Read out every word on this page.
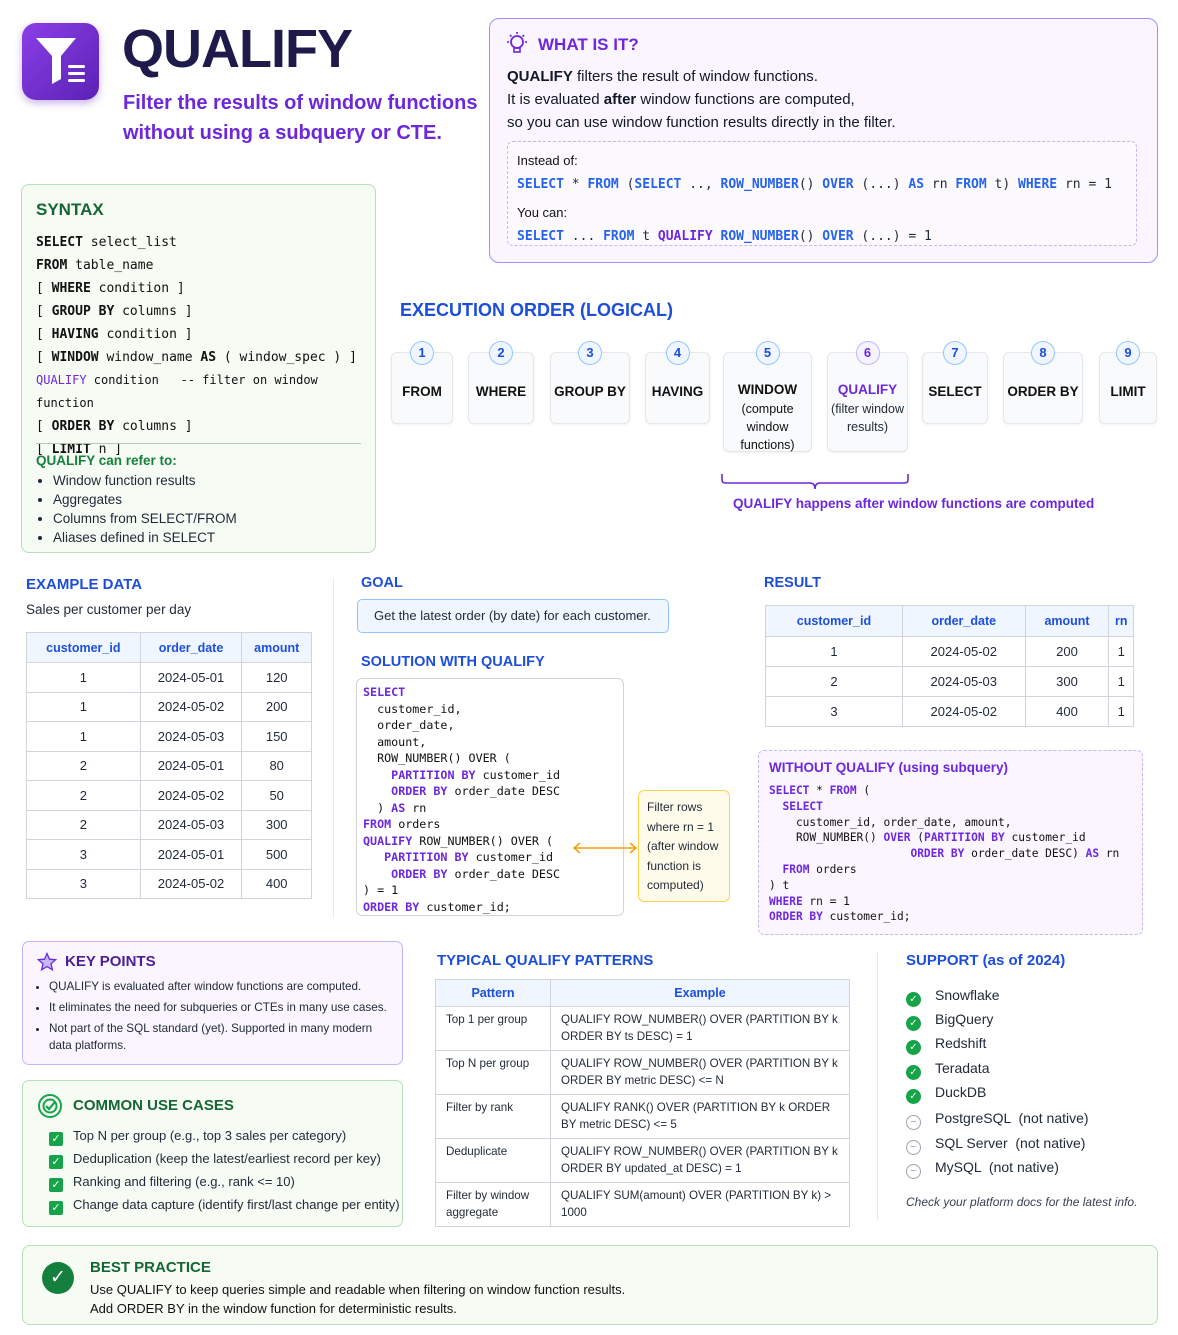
QUALIFY
Filter the results of window functions without using a subquery or CTE.
WHAT IS IT?
QUALIFY filters the result of window functions.
It is evaluated after window functions are computed,
so you can use window function results directly in the filter.
Instead of:
SELECT * FROM (SELECT .., ROW_NUMBER() OVER (...) AS rn FROM t) WHERE rn = 1
You can:
SELECT ... FROM t QUALIFY ROW_NUMBER() OVER (...) = 1
SYNTAX
SELECT select_list
FROM table_name
[ WHERE condition ]
[ GROUP BY columns ]
[ HAVING condition ]
[ WINDOW window_name AS ( window_spec ) ]
QUALIFY condition   -- filter on window function
[ ORDER BY columns ]
[ LIMIT n ]
QUALIFY can refer to:
• Window function results
• Aggregates
• Columns from SELECT/FROM
• Aliases defined in SELECT
EXECUTION ORDER (LOGICAL)
1
FROM
2
WHERE
3
GROUP BY
4
HAVING
5
WINDOW
(compute window functions)
6
QUALIFY
(filter window results)
7
SELECT
8
ORDER BY
9
LIMIT
QUALIFY happens after window functions are computed
EXAMPLE DATA
Sales per customer per day
customer_id	order_date	amount
1	2024-05-01	120
1	2024-05-02	200
1	2024-05-03	150
2	2024-05-01	80
2	2024-05-02	50
2	2024-05-03	300
3	2024-05-01	500
3	2024-05-02	400
GOAL
Get the latest order (by date) for each customer.
SOLUTION WITH QUALIFY
SELECT
customer_id,
order_date,
amount,
ROW_NUMBER() OVER (
PARTITION BY customer_id
ORDER BY order_date DESC
) AS rn
FROM orders
QUALIFY ROW_NUMBER() OVER (
PARTITION BY customer_id
ORDER BY order_date DESC
) = 1
ORDER BY customer_id;
Filter rows where rn = 1 (after window function is computed)
RESULT
customer_id	order_date	amount	rn
1	2024-05-02	200	1
2	2024-05-03	300	1
3	2024-05-02	400	1
WITHOUT QUALIFY (using subquery)
SELECT * FROM (
SELECT
customer_id, order_date, amount,
ROW_NUMBER() OVER (PARTITION BY customer_id
ORDER BY order_date DESC) AS rn
FROM orders
) t
WHERE rn = 1
ORDER BY customer_id;
KEY POINTS
• QUALIFY is evaluated after window functions are computed.
• It eliminates the need for subqueries or CTEs in many use cases.
• Not part of the SQL standard (yet). Supported in many modern data platforms.
COMMON USE CASES
✓ Top N per group (e.g., top 3 sales per category)
✓ Deduplication (keep the latest/earliest record per key)
✓ Ranking and filtering (e.g., rank <= 10)
✓ Change data capture (identify first/last change per entity)
TYPICAL QUALIFY PATTERNS
Pattern	Example
Top 1 per group	QUALIFY ROW_NUMBER() OVER (PARTITION BY k ORDER BY ts DESC) = 1
Top N per group	QUALIFY ROW_NUMBER() OVER (PARTITION BY k ORDER BY metric DESC) <= N
Filter by rank	QUALIFY RANK() OVER (PARTITION BY k ORDER BY metric DESC) <= 5
Deduplicate	QUALIFY ROW_NUMBER() OVER (PARTITION BY k ORDER BY updated_at DESC) = 1
Filter by window aggregate	QUALIFY SUM(amount) OVER (PARTITION BY k) > 1000
SUPPORT (as of 2024)
✓ Snowflake
✓ BigQuery
✓ Redshift
✓ Teradata
✓ DuckDB
− PostgreSQL  (not native)
− SQL Server  (not native)
− MySQL  (not native)
Check your platform docs for the latest info.
✓	BEST PRACTICE
Use QUALIFY to keep queries simple and readable when filtering on window function results.
Add ORDER BY in the window function for deterministic results.
